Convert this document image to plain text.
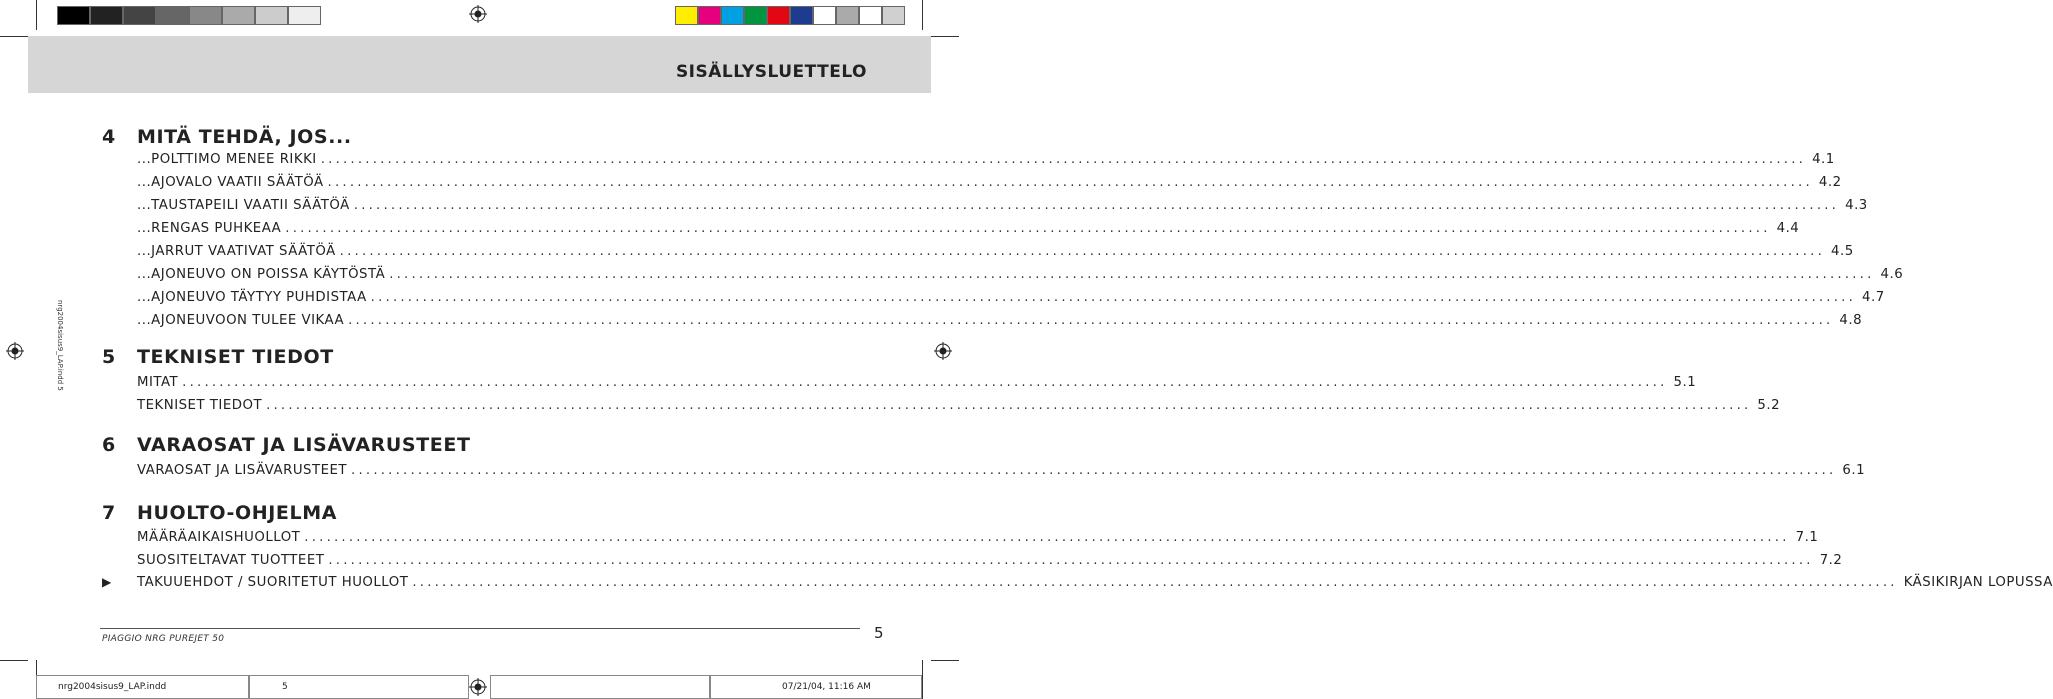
SISÄLLYSLUETTELO
nrg2004sisus9_LAP.indd 5
4 MITÄ TEHDÄ, JOS...
...POLTTIMO MENEE RIKKI ........................................................................................................................................................................................................ 4.1
...AJOVALO VAATII SÄÄTÖÄ ........................................................................................................................................................................................................ 4.2
...TAUSTAPEILI VAATII SÄÄTÖÄ ........................................................................................................................................................................................................ 4.3
...RENGAS PUHKEAA ........................................................................................................................................................................................................ 4.4
...JARRUT VAATIVAT SÄÄTÖÄ ........................................................................................................................................................................................................ 4.5
...AJONEUVO ON POISSA KÄYTÖSTÄ ........................................................................................................................................................................................................ 4.6
...AJONEUVO TÄYTYY PUHDISTAA ........................................................................................................................................................................................................ 4.7
...AJONEUVOON TULEE VIKAA ........................................................................................................................................................................................................ 4.8
5 TEKNISET TIEDOT
MITAT ........................................................................................................................................................................................................ 5.1
TEKNISET TIEDOT ........................................................................................................................................................................................................ 5.2
6 VARAOSAT JA LISÄVARUSTEET
VARAOSAT JA LISÄVARUSTEET ........................................................................................................................................................................................................ 6.1
7 HUOLTO-OHJELMA
MÄÄRÄAIKAISHUOLLOT ........................................................................................................................................................................................................ 7.1
SUOSITELTAVAT TUOTTEET ........................................................................................................................................................................................................ 7.2
TAKUUEHDOT / SUORITETUT HUOLLOT ........................................................................................................................................................................................................ KÄSIKIRJAN LOPUSSA
▶
PIAGGIO NRG PUREJET 50	5
nrg2004sisus9_LAP.indd	5	07/21/04, 11:16 AM
